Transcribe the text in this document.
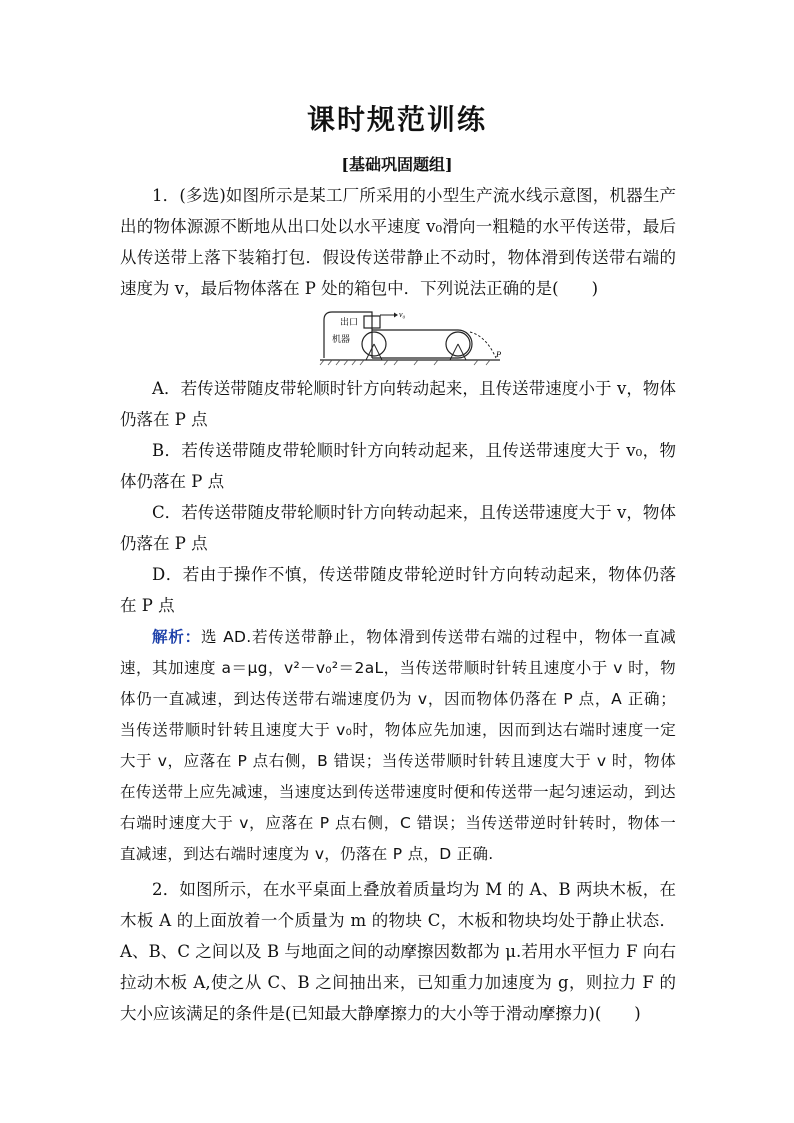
课时规范训练
[基础巩固题组]
1．(多选)如图所示是某工厂所采用的小型生产流水线示意图，机器生产出的物体源源不断地从出口处以水平速度 v₀滑向一粗糙的水平传送带，最后从传送带上落下装箱打包．假设传送带静止不动时，物体滑到传送带右端的速度为 v，最后物体落在 P 处的箱包中．下列说法正确的是(　　)
v₀
出口
机器
P
A．若传送带随皮带轮顺时针方向转动起来，且传送带速度小于 v，物体仍落在 P 点
B．若传送带随皮带轮顺时针方向转动起来，且传送带速度大于 v₀，物体仍落在 P 点
C．若传送带随皮带轮顺时针方向转动起来，且传送带速度大于 v，物体仍落在 P 点
D．若由于操作不慎，传送带随皮带轮逆时针方向转动起来，物体仍落在 P 点
解析：选 AD.若传送带静止，物体滑到传送带右端的过程中，物体一直减速，其加速度 a＝μg，v²－v₀²＝2aL，当传送带顺时针转且速度小于 v 时，物体仍一直减速，到达传送带右端速度仍为 v，因而物体仍落在 P 点，A 正确；当传送带顺时针转且速度大于 v₀时，物体应先加速，因而到达右端时速度一定大于 v，应落在 P 点右侧，B 错误；当传送带顺时针转且速度大于 v 时，物体在传送带上应先减速，当速度达到传送带速度时便和传送带一起匀速运动，到达右端时速度大于 v，应落在 P 点右侧，C 错误；当传送带逆时针转时，物体一直减速，到达右端时速度为 v，仍落在 P 点，D 正确.
2．如图所示，在水平桌面上叠放着质量均为 M 的 A、B 两块木板，在木板 A 的上面放着一个质量为 m 的物块 C，木板和物块均处于静止状态．A、B、C 之间以及 B 与地面之间的动摩擦因数都为 μ.若用水平恒力 F 向右拉动木板 A,使之从 C、B 之间抽出来，已知重力加速度为 g，则拉力 F 的大小应该满足的条件是(已知最大静摩擦力的大小等于滑动摩擦力)(　　)
